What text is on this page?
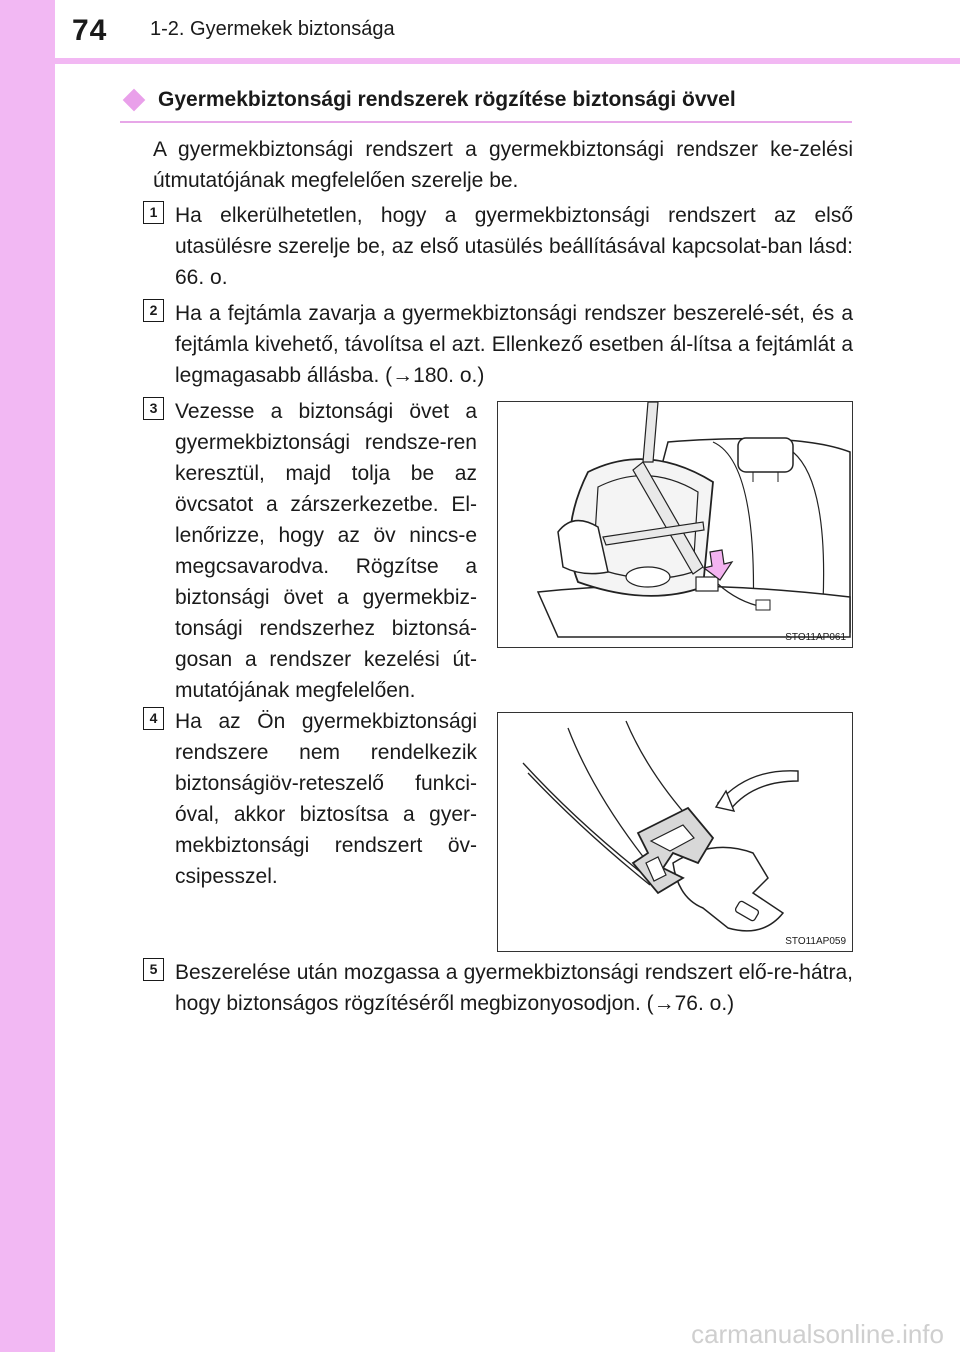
74 1-2. Gyermekek biztonsága
Gyermekbiztonsági rendszerek rögzítése biztonsági övvel
A gyermekbiztonsági rendszert a gyermekbiztonsági rendszer ke-zelési útmutatójának megfelelően szerelje be.
1 Ha elkerülhetetlen, hogy a gyermekbiztonsági rendszert az első utasülésre szerelje be, az első utasülés beállításával kapcsolat-ban lásd: 66. o.
2 Ha a fejtámla zavarja a gyermekbiztonsági rendszer beszerelé-sét, és a fejtámla kivehető, távolítsa el azt. Ellenkező esetben ál-lítsa a fejtámlát a legmagasabb állásba. (→180. o.)
3 Vezesse a biztonsági övet a gyermekbiztonsági rendsze-ren keresztül, majd tolja be az övcsatot a zárszerkezetbe. El-lenőrizze, hogy az öv nincs-e megcsavarodva. Rögzítse a biztonsági övet a gyermekbiz-tonsági rendszerhez biztonsá-gosan a rendszer kezelési út-mutatójának megfelelően.
STO11AP061
4 Ha az Ön gyermekbiztonsági rendszere nem rendelkezik biztonságiöv-reteszelő funkci-óval, akkor biztosítsa a gyer-mekbiztonsági rendszert öv-csipesszel.
STO11AP059
5 Beszerelése után mozgassa a gyermekbiztonsági rendszert elő-re-hátra, hogy biztonságos rögzítéséről megbizonyosodjon. (→76. o.)
carmanualsonline.info
